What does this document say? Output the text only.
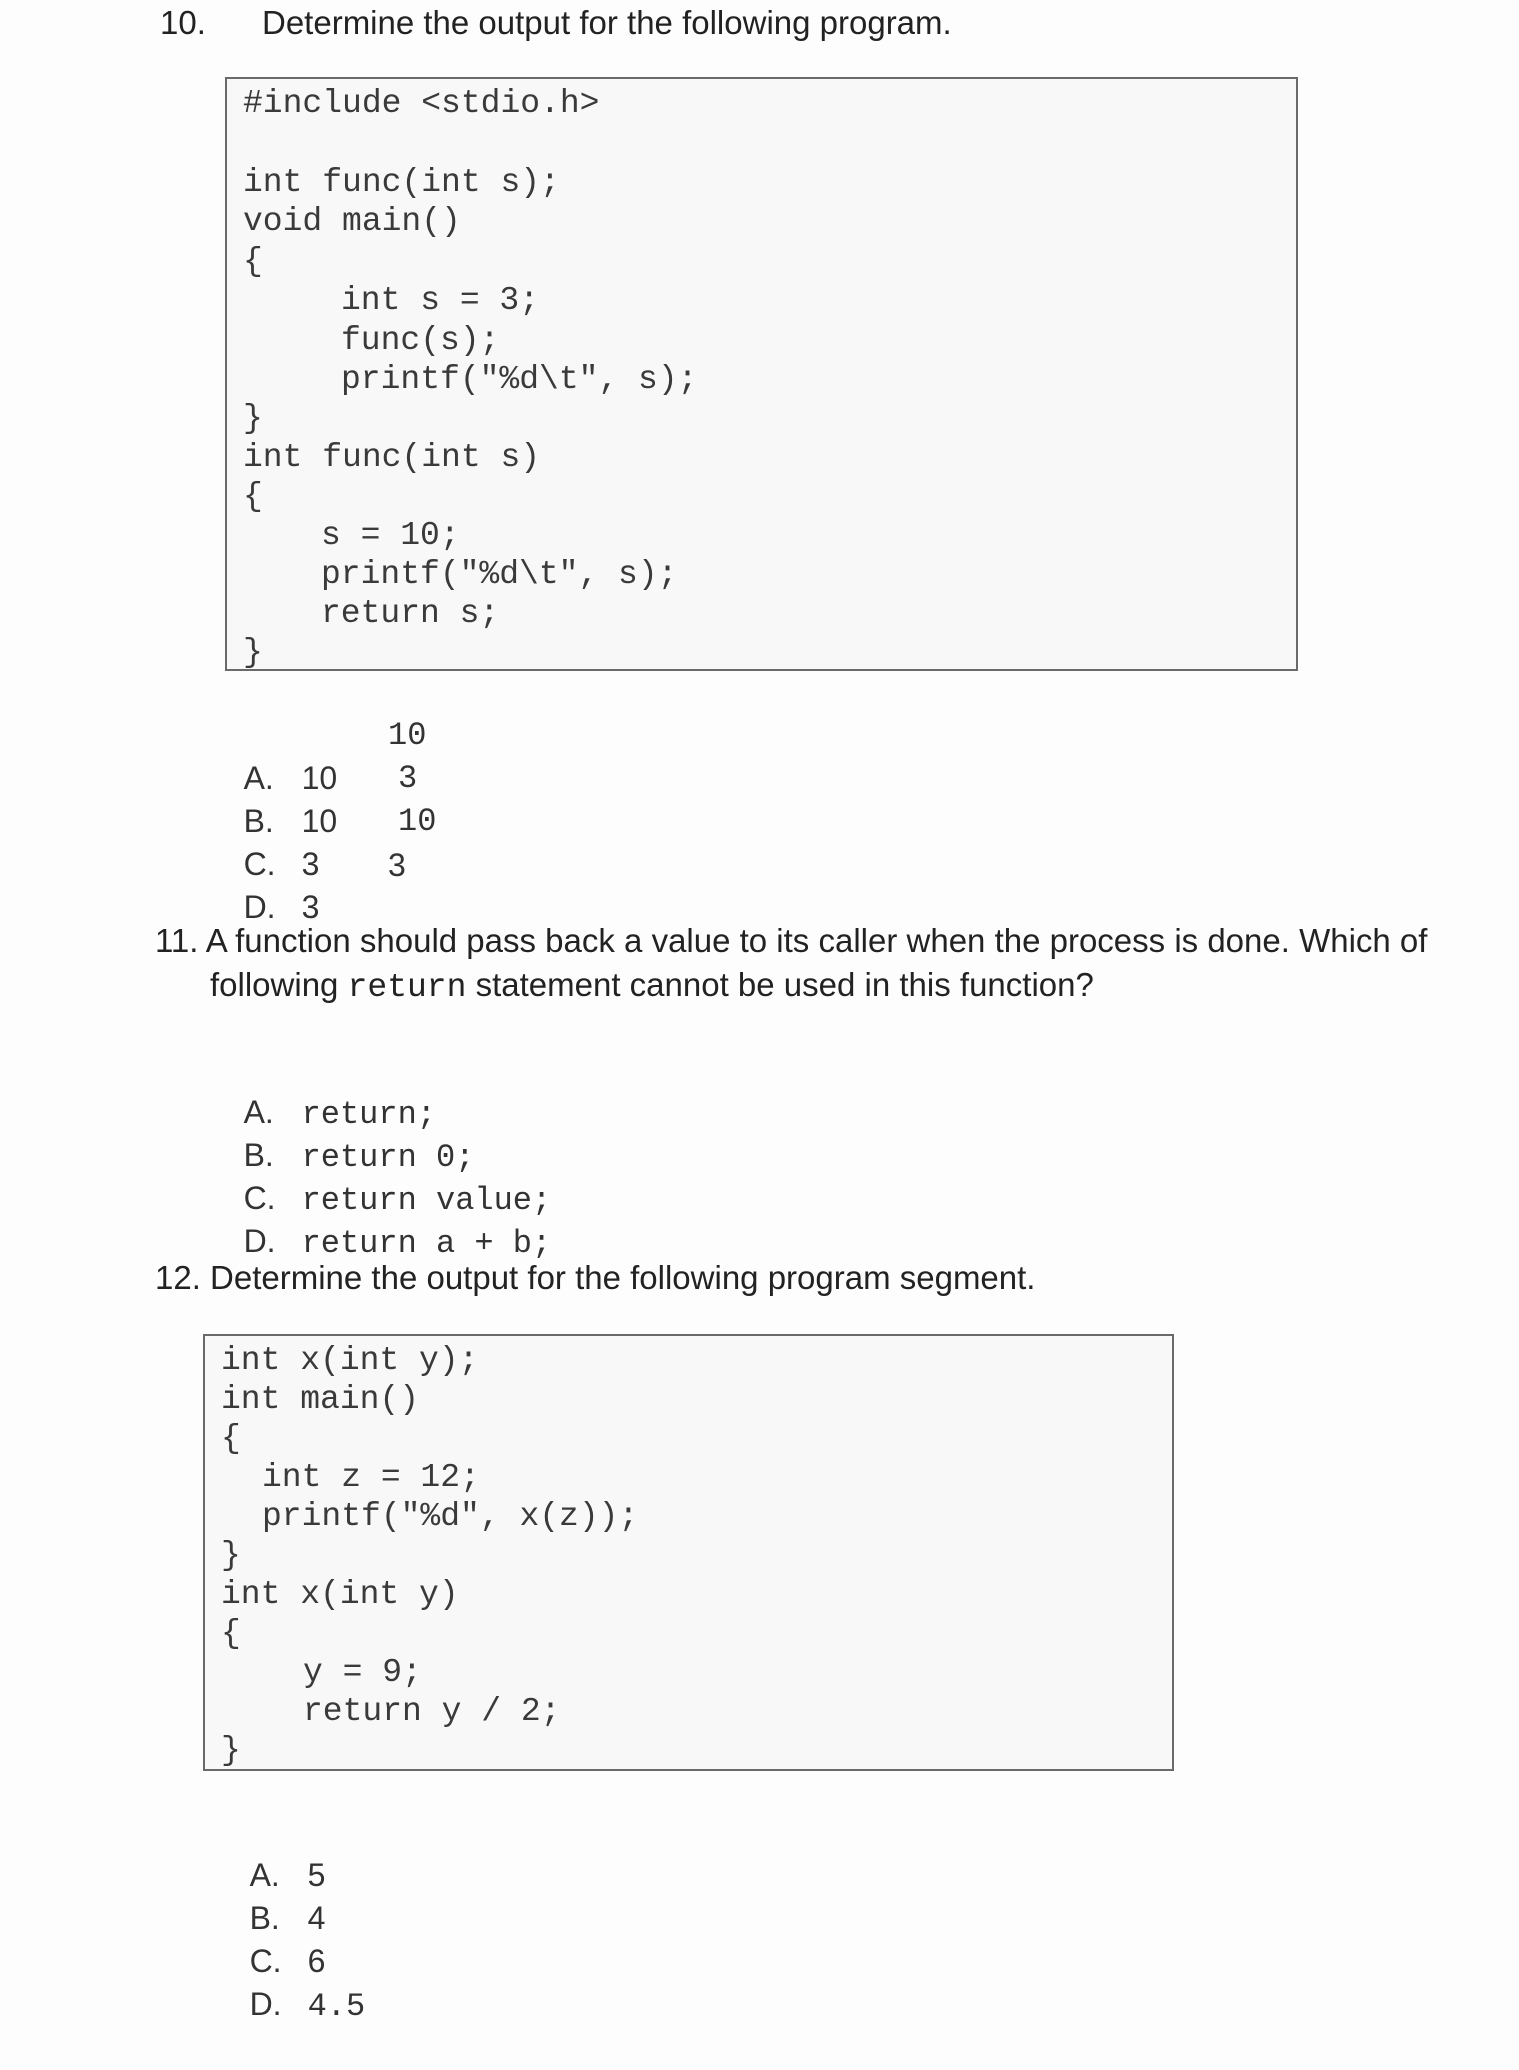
10. Determine the output for the following program.
#include <stdio.h>
int func(int s);
void main()
{
int s = 3;
func(s);
printf("%d\t", s);
}
int func(int s)
{
s = 10;
printf("%d\t", s);
return s;
}

A. 10

10

B. 10

3

C. 3

10

D. 3

3

11. A function should pass back a value to its caller when the process is done. Which of
following return statement cannot be used in this function?

A. return;

B. return 0;

C. return value;

D. return a + b;

12. Determine the output for the following program segment.
int x(int y);
int main()
{
int z = 12;
printf("%d", x(z));
}
int x(int y)
{
y = 9;
return y / 2;
}

A. 5

B. 4

C. 6

D. 4.5
